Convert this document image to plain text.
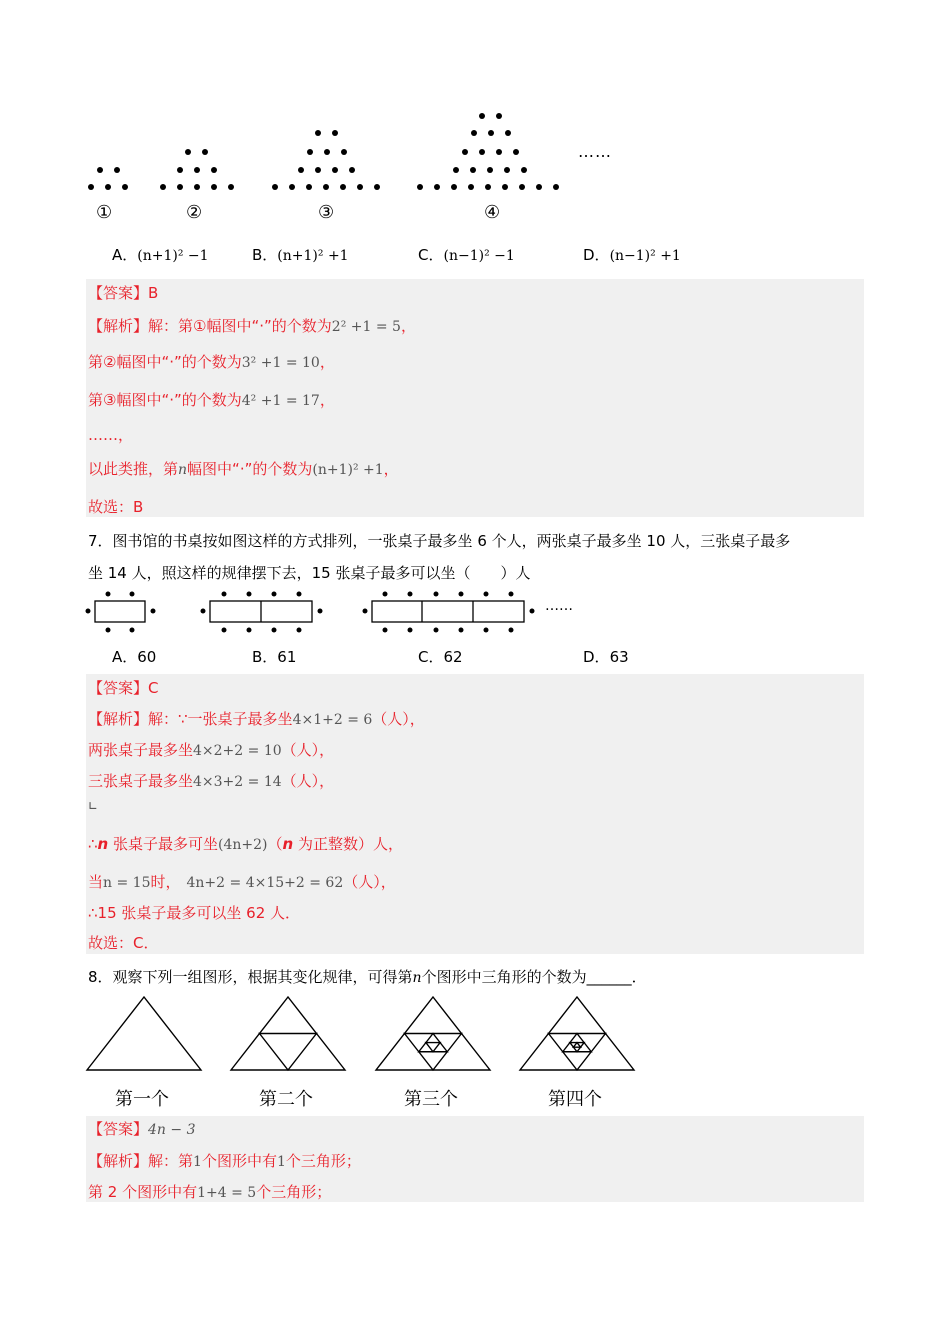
……
①	②	③	④
A．(n+1)² −1	B．(n+1)² +1	C．(n−1)² −1	D．(n−1)² +1
【答案】B
【解析】解：第①幅图中“·”的个数为2² +1 = 5，
第②幅图中“·”的个数为3² +1 = 10，
第③幅图中“·”的个数为4² +1 = 17，
……，
以此类推，第n幅图中“·”的个数为(n+1)² +1，
故选：B
7．图书馆的书桌按如图这样的方式排列，一张桌子最多坐 6 个人，两张桌子最多坐 10 人，三张桌子最多
坐 14 人，照这样的规律摆下去，15 张桌子最多可以坐（　　）人
……
A．60	B．61	C．62	D．63
【答案】C
【解析】解：∵一张桌子最多坐4×1+2 = 6（人），
两张桌子最多坐4×2+2 = 10（人），
三张桌子最多坐4×3+2 = 14（人），
∟
∴n 张桌子最多可坐(4n+2)（n 为正整数）人，
当n = 15时， 4n+2 = 4×15+2 = 62（人），
∴15 张桌子最多可以坐 62 人．
故选：C．
8．观察下列一组图形，根据其变化规律，可得第n个图形中三角形的个数为______．
第一个	第二个	第三个	第四个
【答案】4n − 3
【解析】解：第1个图形中有1个三角形；
第 2 个图形中有1+4 = 5个三角形；
